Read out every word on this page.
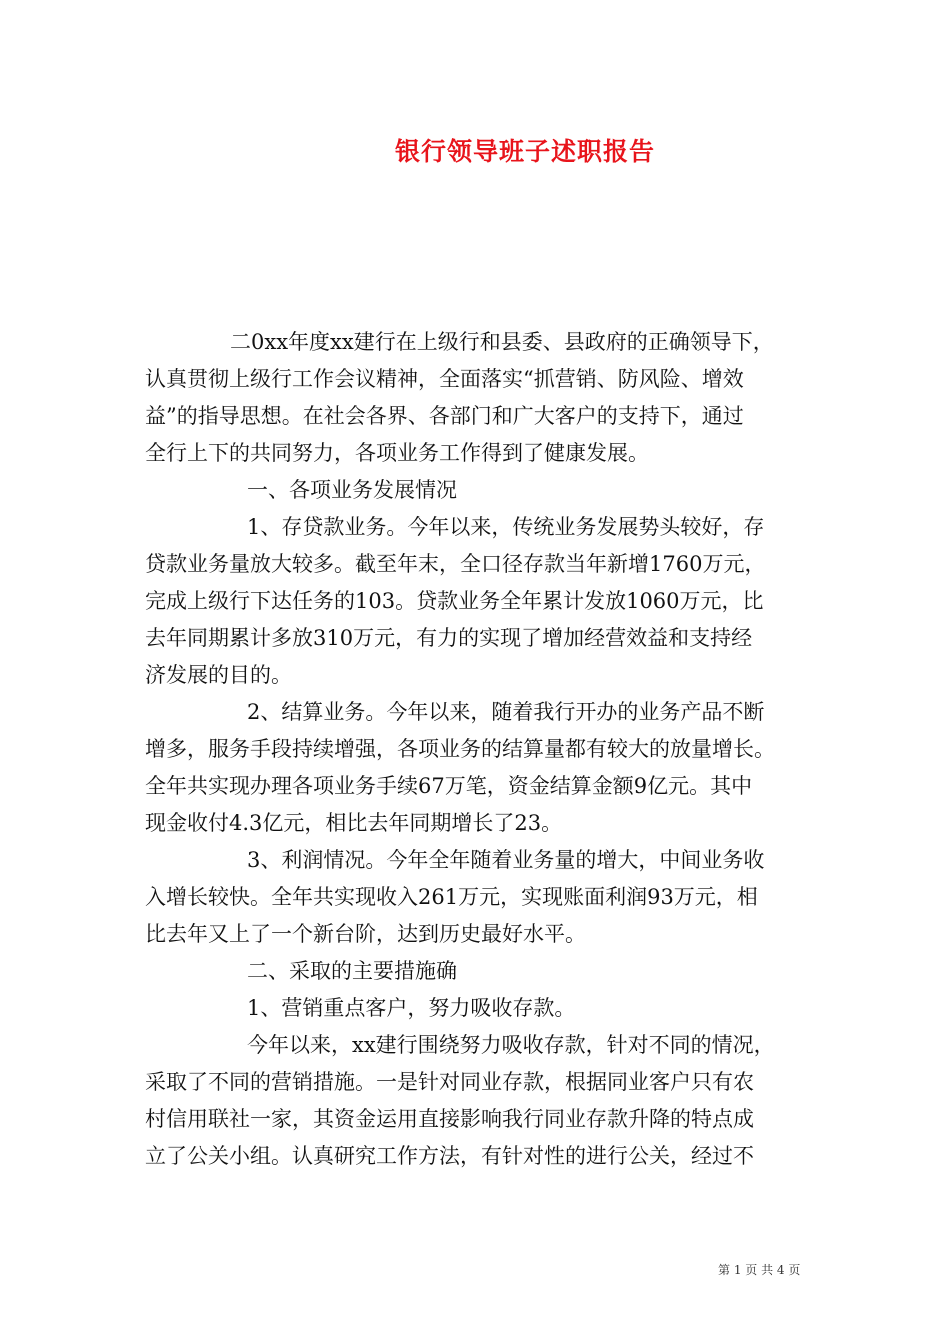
银行领导班子述职报告
二0xx年度xx建行在上级行和县委、县政府的正确领导下，
认真贯彻上级行工作会议精神，全面落实“抓营销、防风险、增效
益”的指导思想。在社会各界、各部门和广大客户的支持下，通过
全行上下的共同努力，各项业务工作得到了健康发展。
一、各项业务发展情况
1、存贷款业务。今年以来，传统业务发展势头较好，存
贷款业务量放大较多。截至年末，全口径存款当年新增1760万元，
完成上级行下达任务的103。贷款业务全年累计发放1060万元，比
去年同期累计多放310万元，有力的实现了增加经营效益和支持经
济发展的目的。
2、结算业务。今年以来，随着我行开办的业务产品不断
增多，服务手段持续增强，各项业务的结算量都有较大的放量增长。
全年共实现办理各项业务手续67万笔，资金结算金额9亿元。其中
现金收付4.3亿元，相比去年同期增长了23。
3、利润情况。今年全年随着业务量的增大，中间业务收
入增长较快。全年共实现收入261万元，实现账面利润93万元，相
比去年又上了一个新台阶，达到历史最好水平。
二、采取的主要措施确
1、营销重点客户，努力吸收存款。
今年以来，xx建行围绕努力吸收存款，针对不同的情况，
采取了不同的营销措施。一是针对同业存款，根据同业客户只有农
村信用联社一家，其资金运用直接影响我行同业存款升降的特点成
立了公关小组。认真研究工作方法，有针对性的进行公关，经过不
第 1 页 共 4 页
